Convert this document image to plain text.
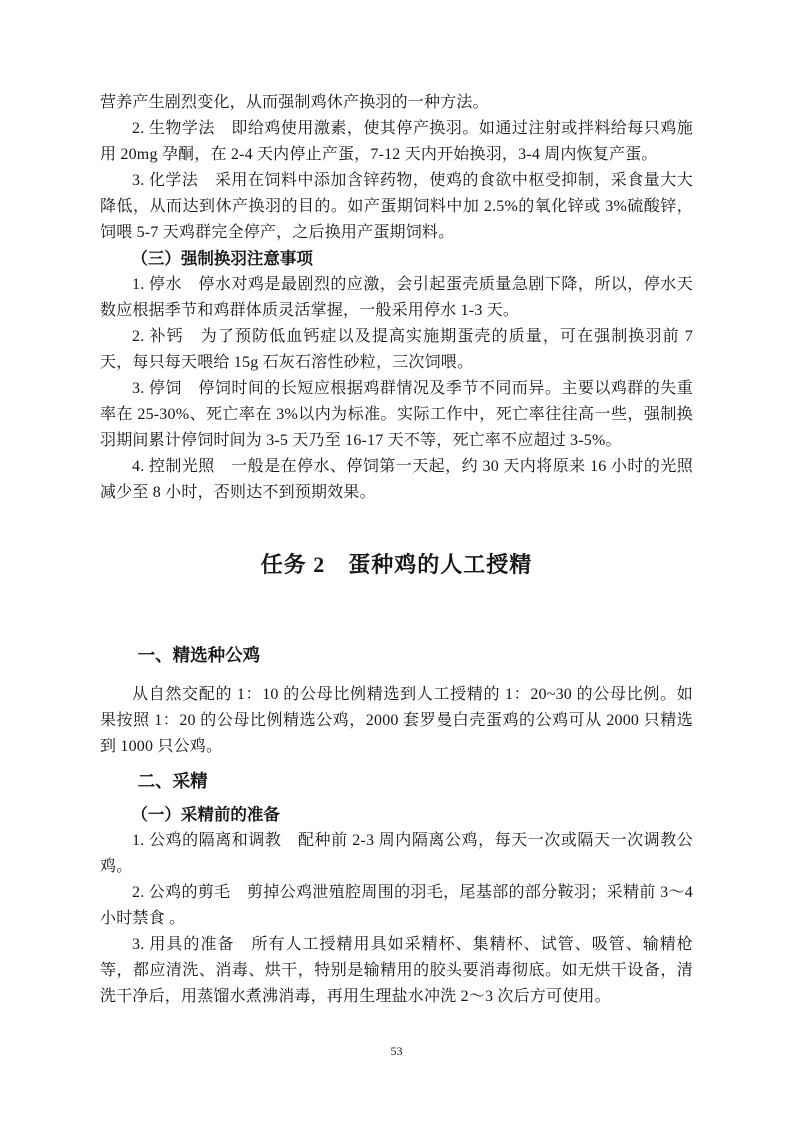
营养产生剧烈变化，从而强制鸡休产换羽的一种方法。

2. 生物学法　即给鸡使用激素，使其停产换羽。如通过注射或拌料给每只鸡施用 20mg 孕酮，在 2-4 天内停止产蛋，7-12 天内开始换羽，3-4 周内恢复产蛋。

3. 化学法　采用在饲料中添加含锌药物，使鸡的食欲中枢受抑制，采食量大大降低，从而达到休产换羽的目的。如产蛋期饲料中加 2.5%的氧化锌或 3%硫酸锌，饲喂 5-7 天鸡群完全停产，之后换用产蛋期饲料。

（三）强制换羽注意事项

1. 停水　停水对鸡是最剧烈的应激，会引起蛋壳质量急剧下降，所以，停水天数应根据季节和鸡群体质灵活掌握，一般采用停水 1-3 天。

2. 补钙　为了预防低血钙症以及提高实施期蛋壳的质量，可在强制换羽前 7 天，每只每天喂给 15g 石灰石溶性砂粒，三次饲喂。

3. 停饲　停饲时间的长短应根据鸡群情况及季节不同而异。主要以鸡群的失重率在 25-30%、死亡率在 3%以内为标准。实际工作中，死亡率往往高一些，强制换羽期间累计停饲时间为 3-5 天乃至 16-17 天不等，死亡率不应超过 3-5%。

4. 控制光照　一般是在停水、停饲第一天起，约 30 天内将原来 16 小时的光照减少至 8 小时，否则达不到预期效果。

任务 2　蛋种鸡的人工授精
一、精选种公鸡

从自然交配的 1：10 的公母比例精选到人工授精的 1：20~30 的公母比例。如果按照 1：20 的公母比例精选公鸡，2000 套罗曼白壳蛋鸡的公鸡可从 2000 只精选到 1000 只公鸡。

二、采精
（一）采精前的准备

1. 公鸡的隔离和调教　配种前 2-3 周内隔离公鸡，每天一次或隔天一次调教公鸡。

2. 公鸡的剪毛　剪掉公鸡泄殖腔周围的羽毛，尾基部的部分鞍羽；采精前 3～4 小时禁食 。

3. 用具的准备　所有人工授精用具如采精杯、集精杯、试管、吸管、输精枪等，都应清洗、消毒、烘干，特别是输精用的胶头要消毒彻底。如无烘干设备，清洗干净后，用蒸馏水煮沸消毒，再用生理盐水冲洗 2～3 次后方可使用。

53
